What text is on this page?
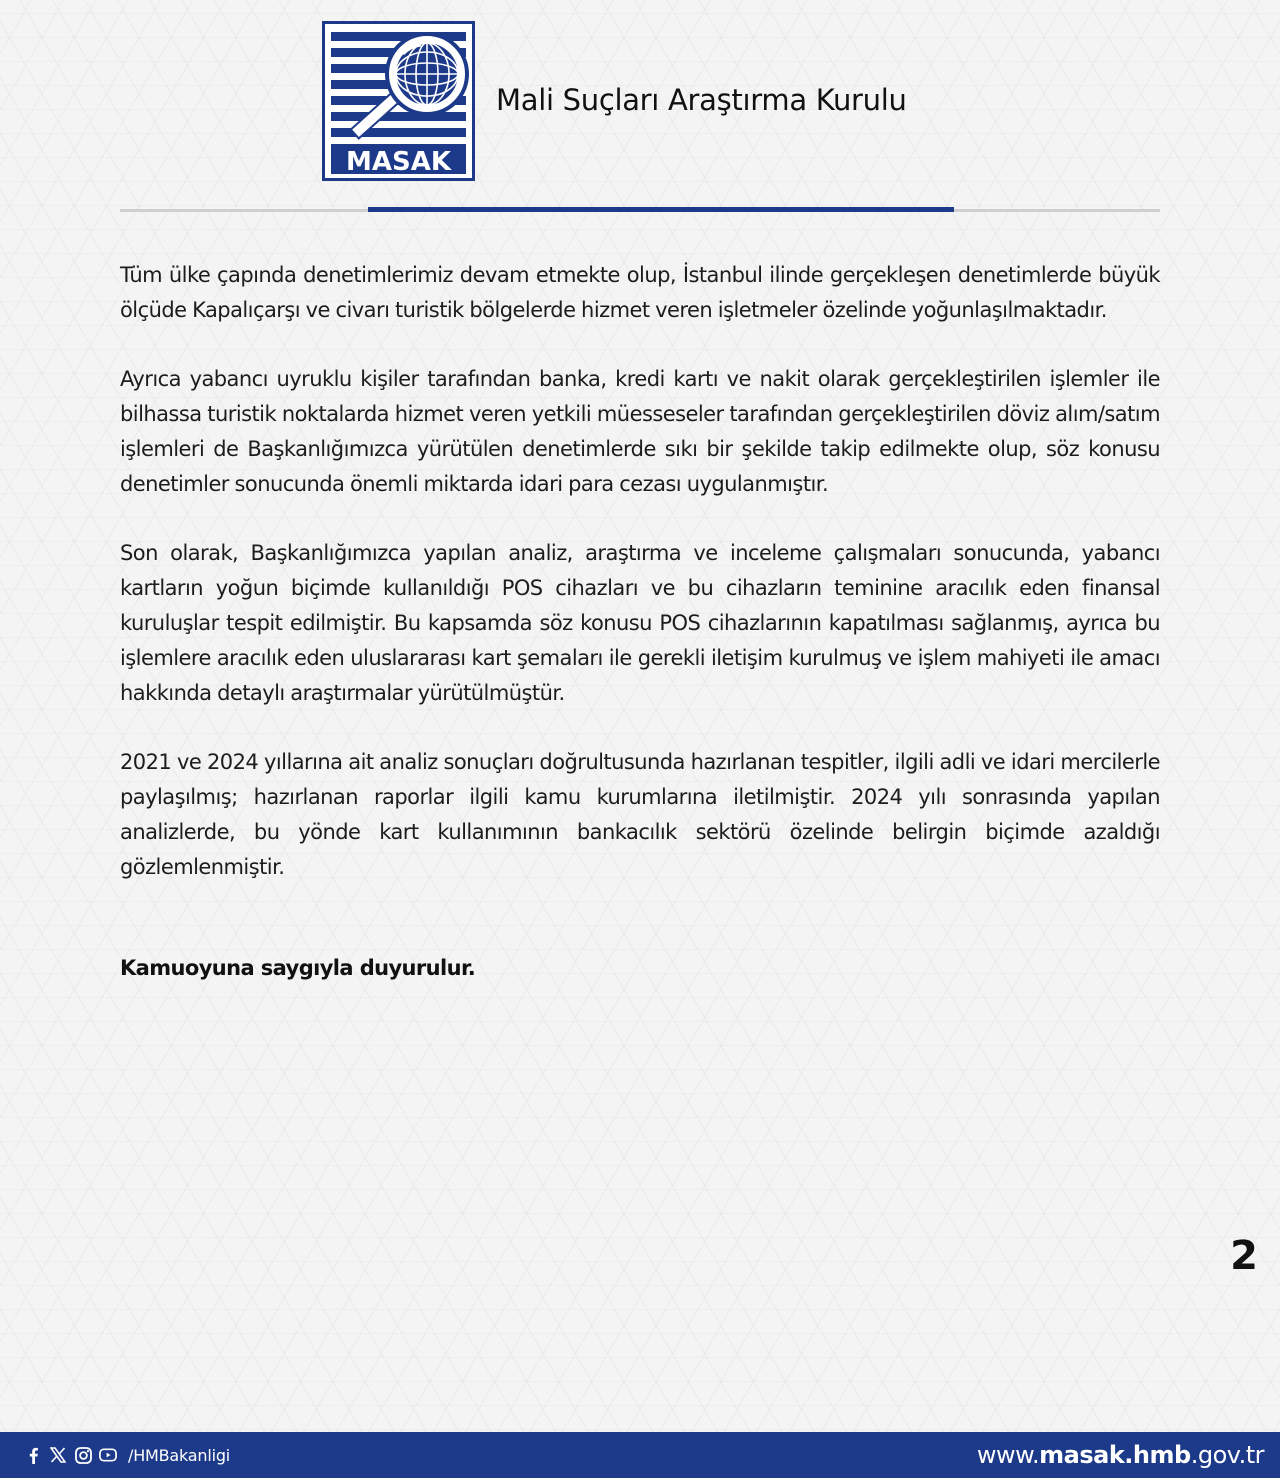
MASAK
Mali Suçları Araştırma Kurulu

Tüm ülke çapında denetimlerimiz devam etmekte olup, İstanbul ilinde gerçekleşen denetimlerde büyük ölçüde Kapalıçarşı ve civarı turistik bölgelerde hizmet veren işletmeler özelinde yoğunlaşılmaktadır.

Ayrıca yabancı uyruklu kişiler tarafından banka, kredi kartı ve nakit olarak gerçekleştirilen işlemler ile bilhassa turistik noktalarda hizmet veren yetkili müesseseler tarafından gerçekleştirilen döviz alım/satım işlemleri de Başkanlığımızca yürütülen denetimlerde sıkı bir şekilde takip edilmekte olup, söz konusu denetimler sonucunda önemli miktarda idari para cezası uygulanmıştır.

Son olarak, Başkanlığımızca yapılan analiz, araştırma ve inceleme çalışmaları sonucunda, yabancı kartların yoğun biçimde kullanıldığı POS cihazları ve bu cihazların teminine aracılık eden finansal kuruluşlar tespit edilmiştir. Bu kapsamda söz konusu POS cihazlarının kapatılması sağlanmış, ayrıca bu işlemlere aracılık eden uluslararası kart şemaları ile gerekli iletişim kurulmuş ve işlem mahiyeti ile amacı hakkında detaylı araştırmalar yürütülmüştür.

2021 ve 2024 yıllarına ait analiz sonuçları doğrultusunda hazırlanan tespitler, ilgili adli ve idari mercilerle paylaşılmış; hazırlanan raporlar ilgili kamu kurumlarına iletilmiştir. 2024 yılı sonrasında yapılan analizlerde, bu yönde kart kullanımının bankacılık sektörü özelinde belirgin biçimde azaldığı gözlemlenmiştir.

Kamuoyuna saygıyla duyurulur.
2
/HMBakanligi	www.masak.hmb.gov.tr
